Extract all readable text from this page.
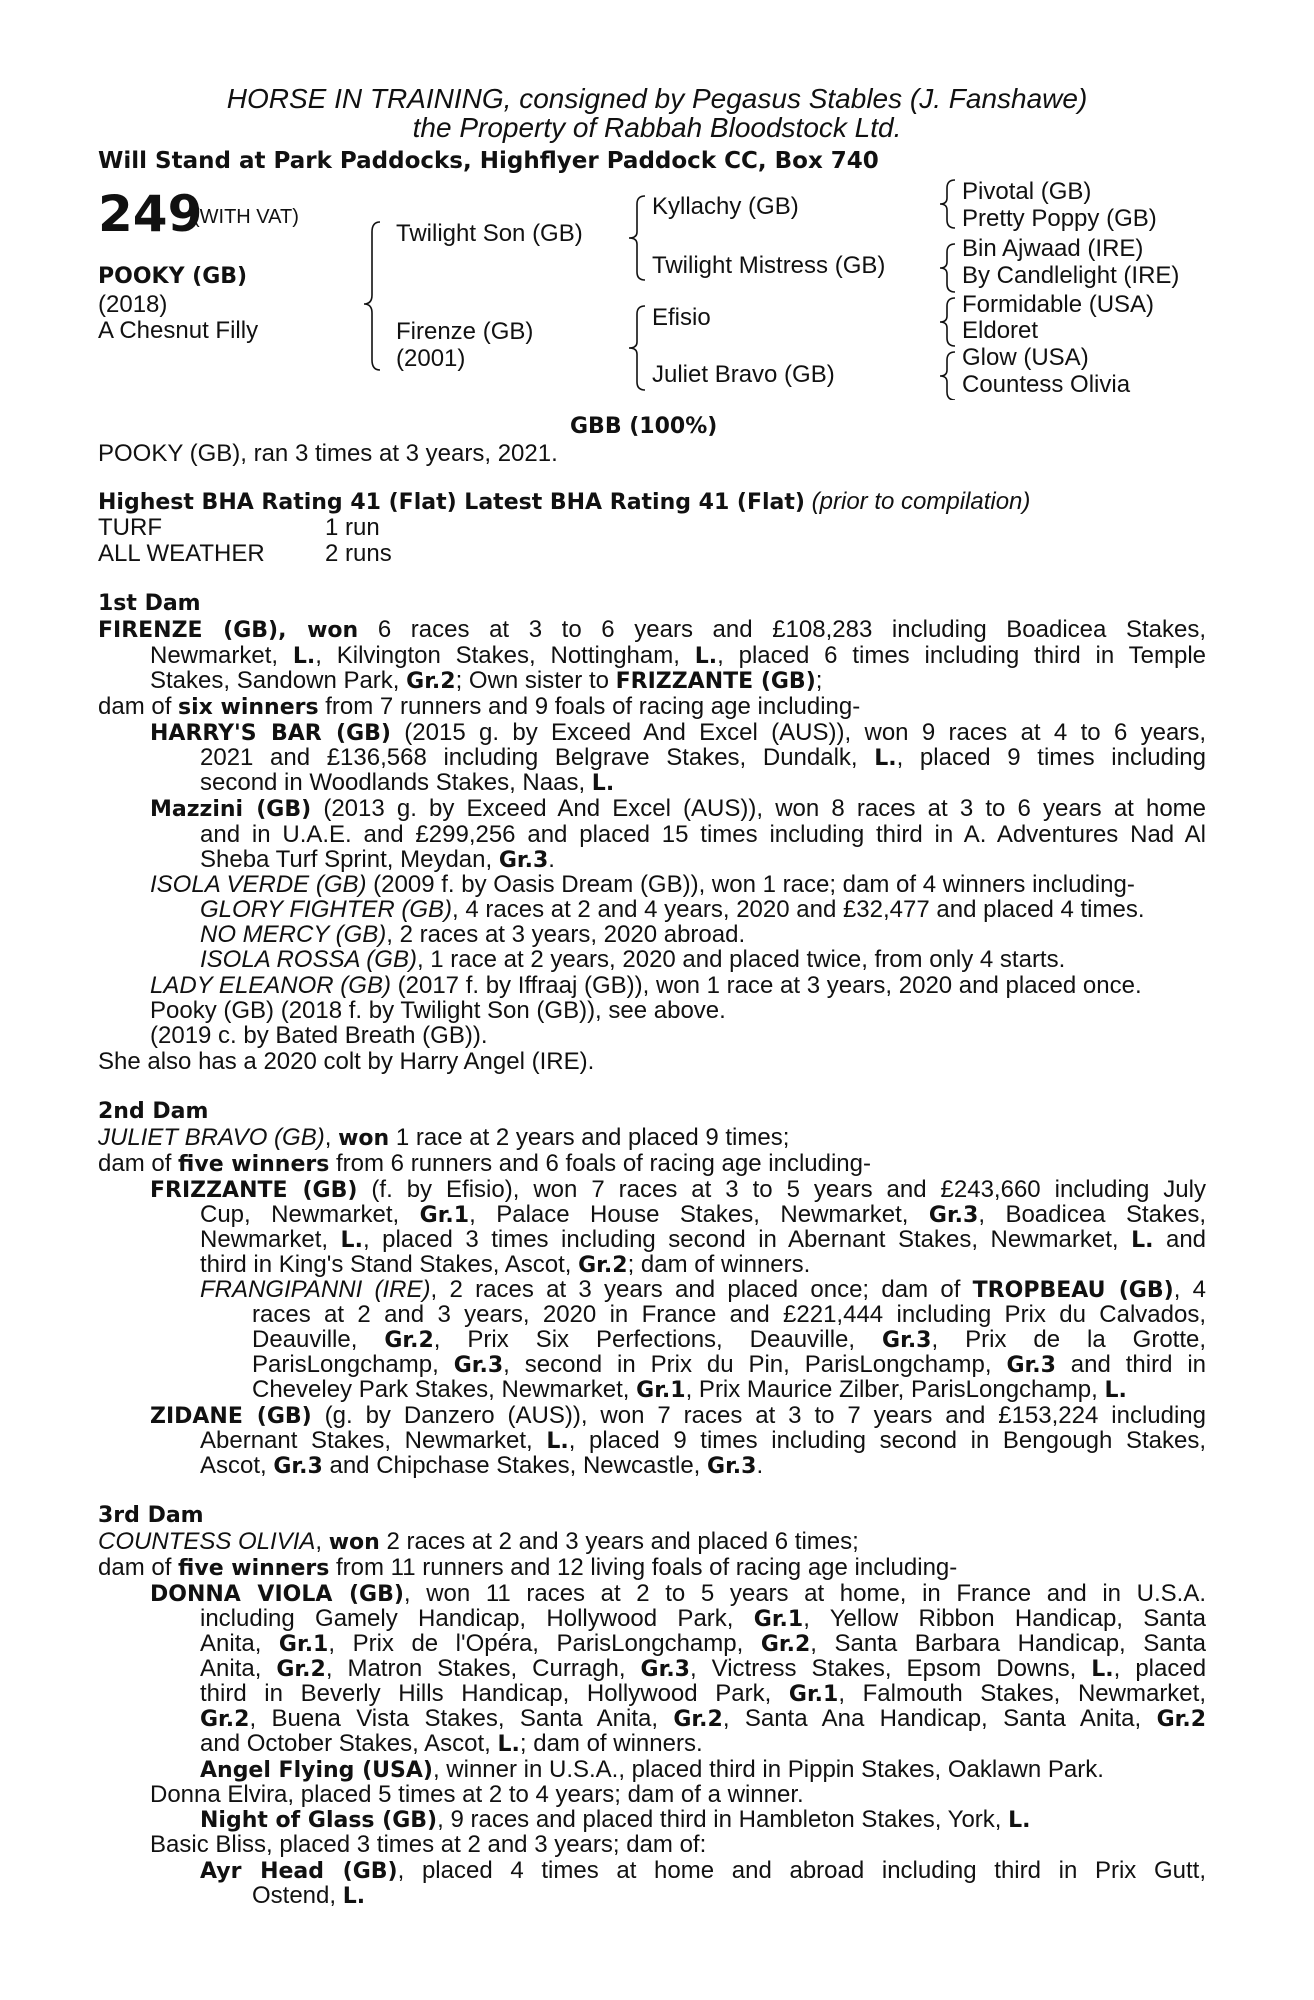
HORSE IN TRAINING, consigned by Pegasus Stables (J. Fanshawe)
the Property of Rabbah Bloodstock Ltd.
Will Stand at Park Paddocks, Highflyer Paddock CC, Box 740
249
(WITH VAT)
POOKY (GB)
(2018)
A Chesnut Filly
Twilight Son (GB)
Firenze (GB)
(2001)
Kyllachy (GB)
Twilight Mistress (GB)
Efisio
Juliet Bravo (GB)
Pivotal (GB)
Pretty Poppy (GB)
Bin Ajwaad (IRE)
By Candlelight (IRE)
Formidable (USA)
Eldoret
Glow (USA)
Countess Olivia
GBB (100%)
POOKY (GB), ran 3 times at 3 years, 2021.
Highest BHA Rating 41 (Flat) Latest BHA Rating 41 (Flat) (prior to compilation)
TURF	1 run
ALL WEATHER	2 runs
1st Dam
FIRENZE (GB), won 6 races at 3 to 6 years and £108,283 including Boadicea Stakes,
Newmarket, L., Kilvington Stakes, Nottingham, L., placed 6 times including third in Temple
Stakes, Sandown Park, Gr.2; Own sister to FRIZZANTE (GB);
dam of six winners from 7 runners and 9 foals of racing age including-
HARRY'S BAR (GB) (2015 g. by Exceed And Excel (AUS)), won 9 races at 4 to 6 years,
2021 and £136,568 including Belgrave Stakes, Dundalk, L., placed 9 times including
second in Woodlands Stakes, Naas, L.
Mazzini (GB) (2013 g. by Exceed And Excel (AUS)), won 8 races at 3 to 6 years at home
and in U.A.E. and £299,256 and placed 15 times including third in A. Adventures Nad Al
Sheba Turf Sprint, Meydan, Gr.3.
ISOLA VERDE (GB) (2009 f. by Oasis Dream (GB)), won 1 race; dam of 4 winners including-
GLORY FIGHTER (GB), 4 races at 2 and 4 years, 2020 and £32,477 and placed 4 times.
NO MERCY (GB), 2 races at 3 years, 2020 abroad.
ISOLA ROSSA (GB), 1 race at 2 years, 2020 and placed twice, from only 4 starts.
LADY ELEANOR (GB) (2017 f. by Iffraaj (GB)), won 1 race at 3 years, 2020 and placed once.
Pooky (GB) (2018 f. by Twilight Son (GB)), see above.
(2019 c. by Bated Breath (GB)).
She also has a 2020 colt by Harry Angel (IRE).
2nd Dam
JULIET BRAVO (GB), won 1 race at 2 years and placed 9 times;
dam of five winners from 6 runners and 6 foals of racing age including-
FRIZZANTE (GB) (f. by Efisio), won 7 races at 3 to 5 years and £243,660 including July
Cup, Newmarket, Gr.1, Palace House Stakes, Newmarket, Gr.3, Boadicea Stakes,
Newmarket, L., placed 3 times including second in Abernant Stakes, Newmarket, L. and
third in King's Stand Stakes, Ascot, Gr.2; dam of winners.
FRANGIPANNI (IRE), 2 races at 3 years and placed once; dam of TROPBEAU (GB), 4
races at 2 and 3 years, 2020 in France and £221,444 including Prix du Calvados,
Deauville, Gr.2, Prix Six Perfections, Deauville, Gr.3, Prix de la Grotte,
ParisLongchamp, Gr.3, second in Prix du Pin, ParisLongchamp, Gr.3 and third in
Cheveley Park Stakes, Newmarket, Gr.1, Prix Maurice Zilber, ParisLongchamp, L.
ZIDANE (GB) (g. by Danzero (AUS)), won 7 races at 3 to 7 years and £153,224 including
Abernant Stakes, Newmarket, L., placed 9 times including second in Bengough Stakes,
Ascot, Gr.3 and Chipchase Stakes, Newcastle, Gr.3.
3rd Dam
COUNTESS OLIVIA, won 2 races at 2 and 3 years and placed 6 times;
dam of five winners from 11 runners and 12 living foals of racing age including-
DONNA VIOLA (GB), won 11 races at 2 to 5 years at home, in France and in U.S.A.
including Gamely Handicap, Hollywood Park, Gr.1, Yellow Ribbon Handicap, Santa
Anita, Gr.1, Prix de l'Opéra, ParisLongchamp, Gr.2, Santa Barbara Handicap, Santa
Anita, Gr.2, Matron Stakes, Curragh, Gr.3, Victress Stakes, Epsom Downs, L., placed
third in Beverly Hills Handicap, Hollywood Park, Gr.1, Falmouth Stakes, Newmarket,
Gr.2, Buena Vista Stakes, Santa Anita, Gr.2, Santa Ana Handicap, Santa Anita, Gr.2
and October Stakes, Ascot, L.; dam of winners.
Angel Flying (USA), winner in U.S.A., placed third in Pippin Stakes, Oaklawn Park.
Donna Elvira, placed 5 times at 2 to 4 years; dam of a winner.
Night of Glass (GB), 9 races and placed third in Hambleton Stakes, York, L.
Basic Bliss, placed 3 times at 2 and 3 years; dam of:
Ayr Head (GB), placed 4 times at home and abroad including third in Prix Gutt,
Ostend, L.
